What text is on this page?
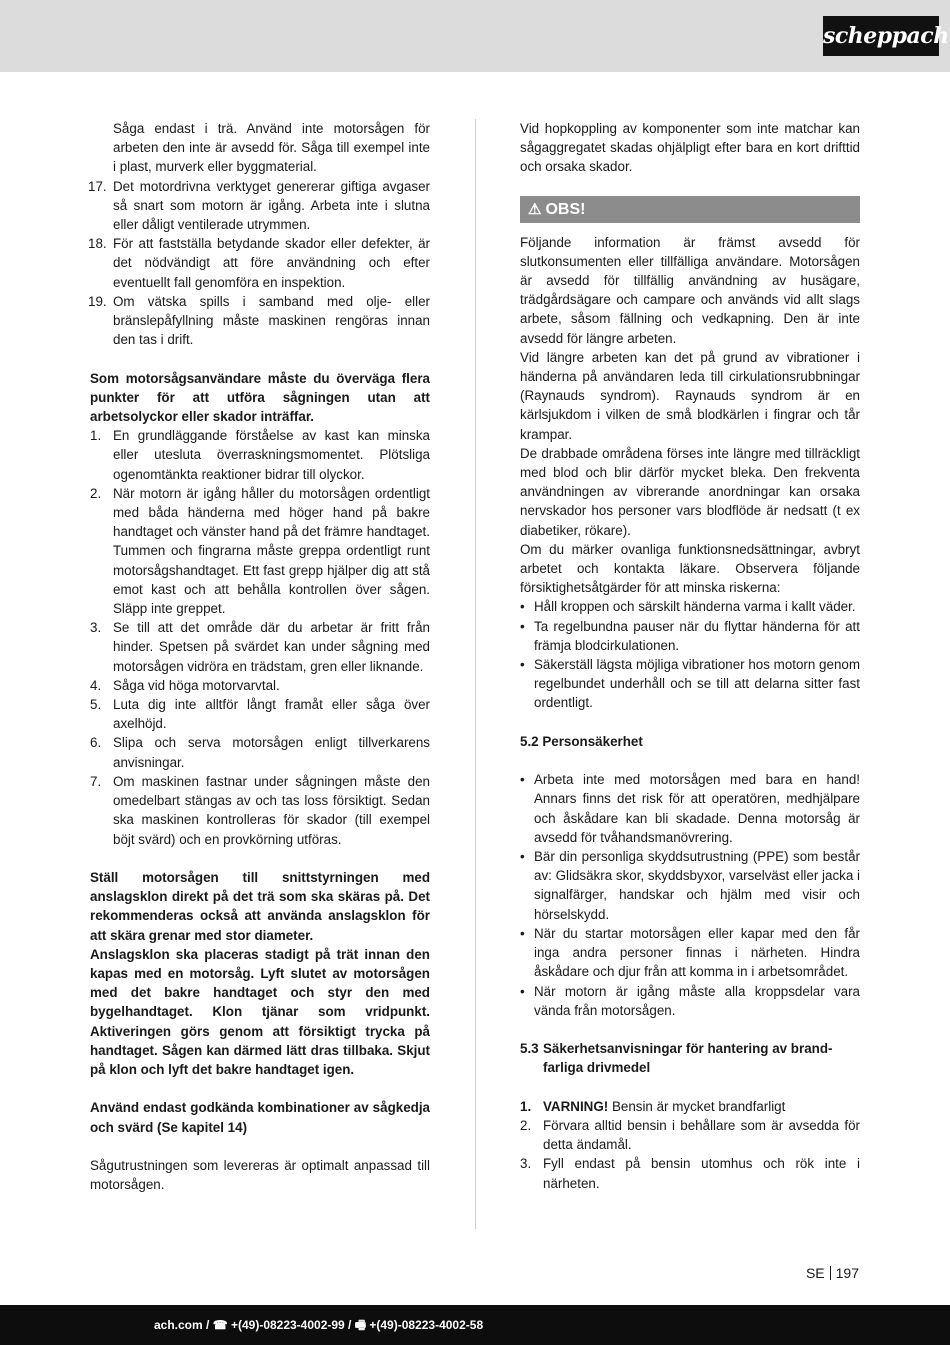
scheppach

Såga endast i trä. Använd inte motorsågen för arbeten den inte är avsedd för. Såga till exempel inte i plast, murverk eller byggmaterial.

17. Det motordrivna verktyget genererar giftiga avgaser så snart som motorn är igång. Arbeta inte i slutna eller dåligt ventilerade utrymmen.
18. För att fastställa betydande skador eller defekter, är det nödvändigt att före användning och efter eventuellt fall genomföra en inspektion.
19. Om vätska spills i samband med olje- eller bränslepåfyllning måste maskinen rengöras innan den tas i drift.

Som motorsågsanvändare måste du överväga flera punkter för att utföra sågningen utan att arbetsolyckor eller skador inträffar.

1. En grundläggande förståelse av kast kan minska eller utesluta överraskningsmomentet. Plötsliga ogenomtänkta reaktioner bidrar till olyckor.
2. När motorn är igång håller du motorsågen ordentligt med båda händerna med höger hand på bakre handtaget och vänster hand på det främre handtaget. Tummen och fingrarna måste greppa ordentligt runt motorsågshandtaget. Ett fast grepp hjälper dig att stå emot kast och att behålla kontrollen över sågen. Släpp inte greppet.
3. Se till att det område där du arbetar är fritt från hinder. Spetsen på svärdet kan under sågning med motorsågen vidröra en trädstam, gren eller liknande.
4. Såga vid höga motorvarvtal.
5. Luta dig inte alltför långt framåt eller såga över axelhöjd.
6. Slipa och serva motorsågen enligt tillverkarens anvisningar.
7. Om maskinen fastnar under sågningen måste den omedelbart stängas av och tas loss försiktigt. Sedan ska maskinen kontrolleras för skador (till exempel böjt svärd) och en provkörning utföras.

Ställ motorsågen till snittstyrningen med anslagsklon direkt på det trä som ska skäras på. Det rekommenderas också att använda anslagsklon för att skära grenar med stor diameter.

Anslagsklon ska placeras stadigt på trät innan den kapas med en motorsåg. Lyft slutet av motorsågen med det bakre handtaget och styr den med bygelhandtaget. Klon tjänar som vridpunkt. Aktiveringen görs genom att försiktigt trycka på handtaget. Sågen kan därmed lätt dras tillbaka. Skjut på klon och lyft det bakre handtaget igen.

Använd endast godkända kombinationer av sågkedja och svärd (Se kapitel 14)

Sågutrustningen som levereras är optimalt anpassad till motorsågen.

Vid hopkoppling av komponenter som inte matchar kan sågaggregatet skadas ohjälpligt efter bara en kort drifttid och orsaka skador.

⚠ OBS!

Följande information är främst avsedd för slutkonsumenten eller tillfälliga användare. Motorsågen är avsedd för tillfällig användning av husägare, trädgårdsägare och campare och används vid allt slags arbete, såsom fällning och vedkapning. Den är inte avsedd för längre arbeten.

Vid längre arbeten kan det på grund av vibrationer i händerna på användaren leda till cirkulationsrubbningar (Raynauds syndrom). Raynauds syndrom är en kärlsjukdom i vilken de små blodkärlen i fingrar och tår krampar.

De drabbade områdena förses inte längre med tillräckligt med blod och blir därför mycket bleka. Den frekventa användningen av vibrerande anordningar kan orsaka nervskador hos personer vars blodflöde är nedsatt (t ex diabetiker, rökare).

Om du märker ovanliga funktionsnedsättningar, avbryt arbetet och kontakta läkare. Observera följande försiktighetsåtgärder för att minska riskerna:

• Håll kroppen och särskilt händerna varma i kallt väder.
• Ta regelbundna pauser när du flyttar händerna för att främja blodcirkulationen.
• Säkerställ lägsta möjliga vibrationer hos motorn genom regelbundet underhåll och se till att delarna sitter fast ordentligt.

5.2 Personsäkerhet

• Arbeta inte med motorsågen med bara en hand! Annars finns det risk för att operatören, medhjälpare och åskådare kan bli skadade. Denna motorsåg är avsedd för tvåhandsmanövrering.
• Bär din personliga skyddsutrustning (PPE) som består av: Glidsäkra skor, skyddsbyxor, varselväst eller jacka i signalfärger, handskar och hjälm med visir och hörselskydd.
• När du startar motorsågen eller kapar med den får inga andra personer finnas i närheten. Hindra åskådare och djur från att komma in i arbetsområdet.
• När motorn är igång måste alla kroppsdelar vara vända från motorsågen.
5.3 Säkerhetsanvisningar för hantering av brand-
farliga drivmedel
1. VARNING! Bensin är mycket brandfarligt
2. Förvara alltid bensin i behållare som är avsedda för detta ändamål.
3. Fyll endast på bensin utomhus och rök inte i närheten.
SE 197
ach.com / ☎ +(49)-08223-4002-99 / 🖷 +(49)-08223-4002-58
